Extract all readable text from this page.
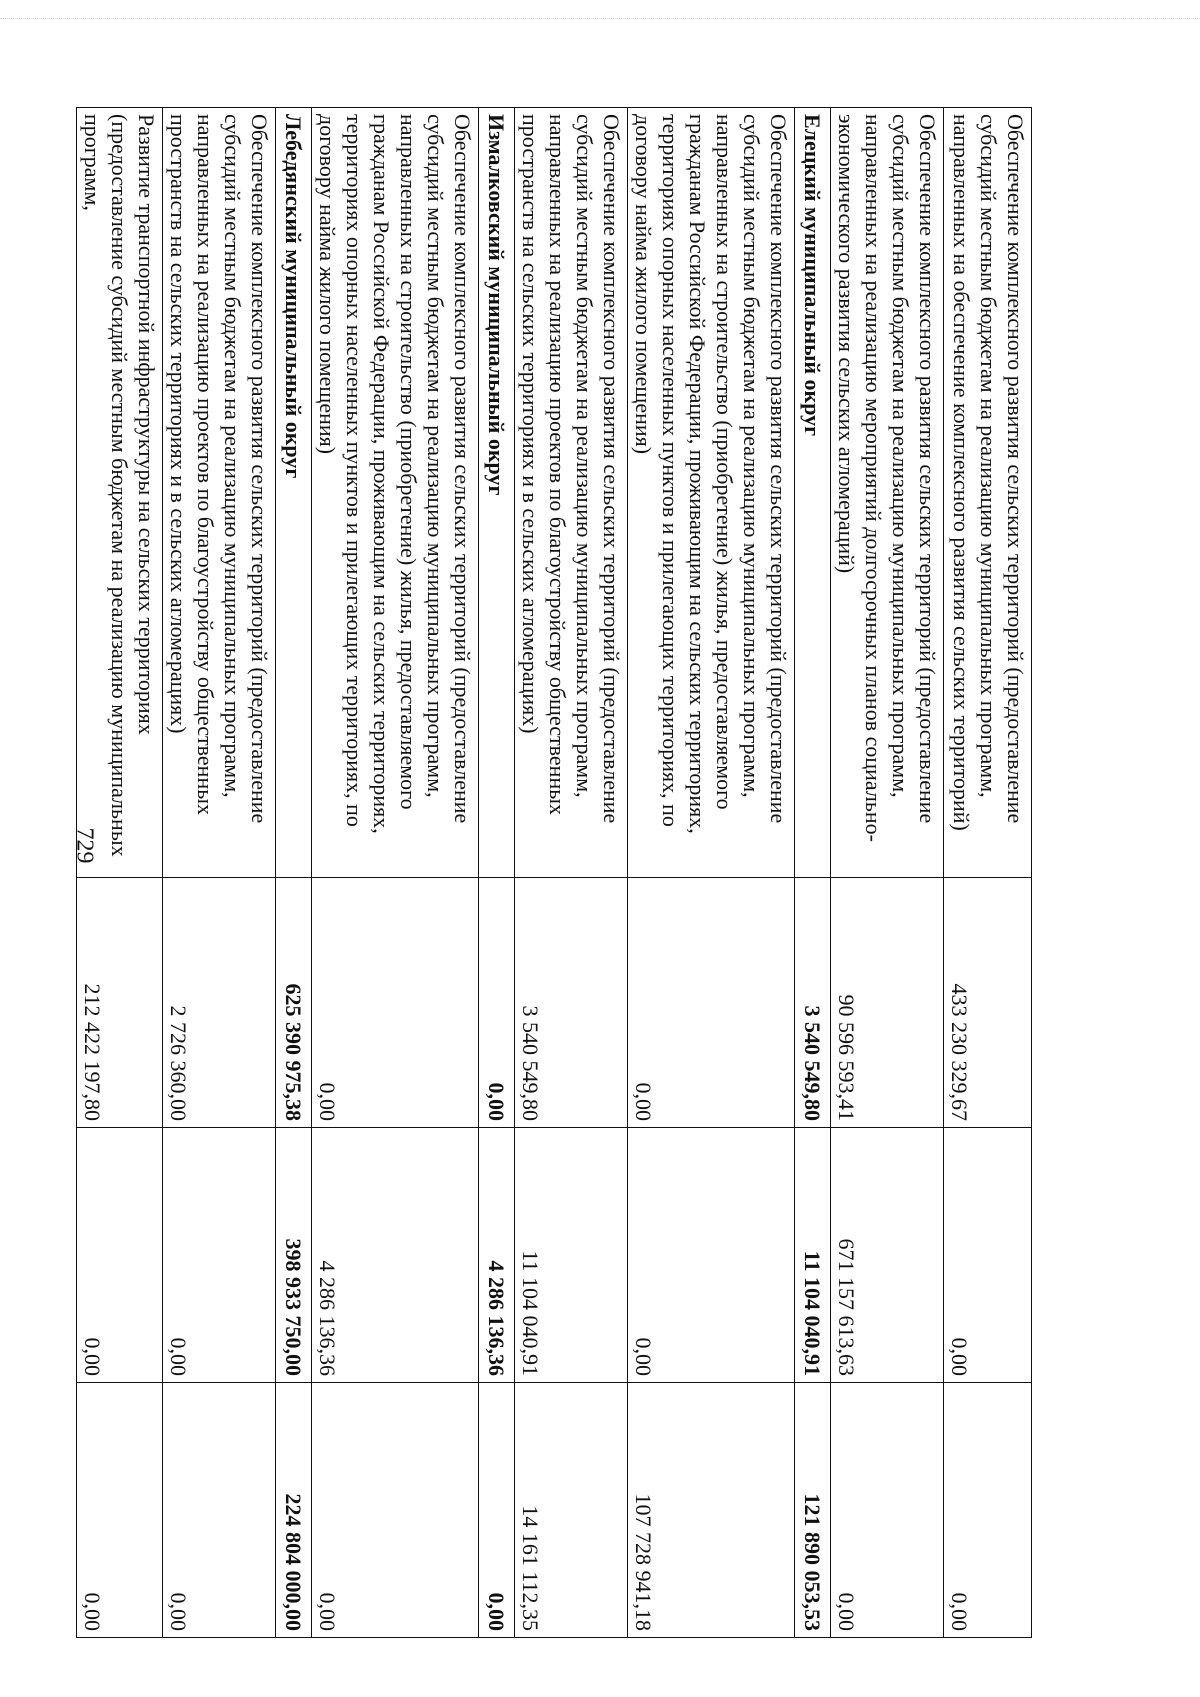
729
Обеспечение комплексного развития сельских территорий (предоставление субсидий местным бюджетам на реализацию муниципальных программ, направленных на обеспечение комплексного развития сельских территорий)	433 230 329,67	0,00	0,00
Обеспечение комплексного развития сельских территорий (предоставление субсидий местным бюджетам на реализацию муниципальных программ, направленных на реализацию мероприятий долгосрочных планов социально-экономического развития сельских агломераций)	90 596 593,41	671 157 613,63	0,00
Елецкий муниципальный округ	3 540 549,80	11 104 040,91	121 890 053,53
Обеспечение комплексного развития сельских территорий (предоставление субсидий местным бюджетам на реализацию муниципальных программ, направленных на строительство (приобретение) жилья, предоставляемого гражданам Российской Федерации, проживающим на сельских территориях, территориях опорных населенных пунктов и прилегающих территориях, по договору найма жилого помещения)	0,00	0,00	107 728 941,18
Обеспечение комплексного развития сельских территорий (предоставление субсидий местным бюджетам на реализацию муниципальных программ, направленных на реализацию проектов по благоустройству общественных пространств на сельских территориях и в сельских агломерациях)	3 540 549,80	11 104 040,91	14 161 112,35
Измалковский муниципальный округ	0,00	4 286 136,36	0,00
Обеспечение комплексного развития сельских территорий (предоставление субсидий местным бюджетам на реализацию муниципальных программ, направленных на строительство (приобретение) жилья, предоставляемого гражданам Российской Федерации, проживающим на сельских территориях, территориях опорных населенных пунктов и прилегающих территориях, по договору найма жилого помещения)	0,00	4 286 136,36	0,00
Лебедянский муниципальный округ	625 390 975,38	398 933 750,00	224 804 000,00
Обеспечение комплексного развития сельских территорий (предоставление субсидий местным бюджетам на реализацию муниципальных программ, направленных на реализацию проектов по благоустройству общественных пространств на сельских территориях и в сельских агломерациях)	2 726 360,00	0,00	0,00
Развитие транспортной инфраструктуры на сельских территориях (предоставление субсидий местным бюджетам на реализацию муниципальных программ,	212 422 197,80	0,00	0,00
